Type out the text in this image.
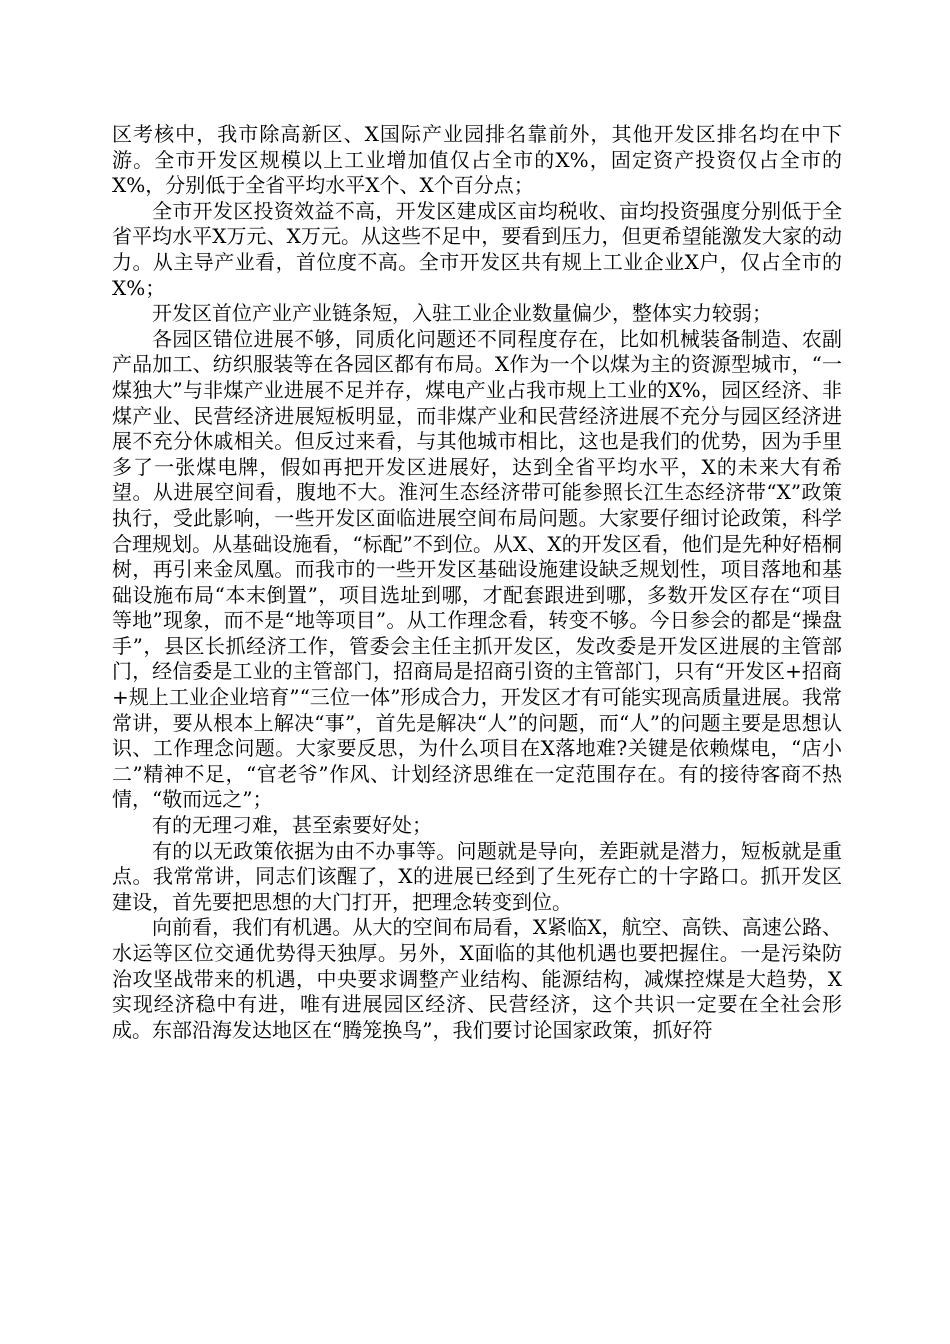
区考核中，我市除高新区、X国际产业园排名靠前外，其他开发区排名均在中下游。全市开发区规模以上工业增加值仅占全市的X%，固定资产投资仅占全市的X%，分别低于全省平均水平X个、X个百分点；

全市开发区投资效益不高，开发区建成区亩均税收、亩均投资强度分别低于全省平均水平X万元、X万元。从这些不足中，要看到压力，但更希望能激发大家的动力。从主导产业看，首位度不高。全市开发区共有规上工业企业X户，仅占全市的X%；

开发区首位产业产业链条短，入驻工业企业数量偏少，整体实力较弱；

各园区错位进展不够，同质化问题还不同程度存在，比如机械装备制造、农副产品加工、纺织服装等在各园区都有布局。X作为一个以煤为主的资源型城市，“一煤独大”与非煤产业进展不足并存，煤电产业占我市规上工业的X%，园区经济、非煤产业、民营经济进展短板明显，而非煤产业和民营经济进展不充分与园区经济进展不充分休戚相关。但反过来看，与其他城市相比，这也是我们的优势，因为手里多了一张煤电牌，假如再把开发区进展好，达到全省平均水平，X的未来大有希望。从进展空间看，腹地不大。淮河生态经济带可能参照长江生态经济带“X”政策执行，受此影响，一些开发区面临进展空间布局问题。大家要仔细讨论政策，科学合理规划。从基础设施看，“标配”不到位。从X、X的开发区看，他们是先种好梧桐树，再引来金凤凰。而我市的一些开发区基础设施建设缺乏规划性，项目落地和基础设施布局“本末倒置”，项目选址到哪，才配套跟进到哪，多数开发区存在“项目等地”现象，而不是“地等项目”。从工作理念看，转变不够。今日参会的都是“操盘手”，县区长抓经济工作，管委会主任主抓开发区，发改委是开发区进展的主管部门，经信委是工业的主管部门，招商局是招商引资的主管部门，只有“开发区+招商+规上工业企业培育”“三位一体”形成合力，开发区才有可能实现高质量进展。我常常讲，要从根本上解决“事”，首先是解决“人”的问题，而“人”的问题主要是思想认识、工作理念问题。大家要反思，为什么项目在X落地难?关键是依赖煤电，“店小二”精神不足，“官老爷”作风、计划经济思维在一定范围存在。有的接待客商不热情，“敬而远之”；

有的无理刁难，甚至索要好处；

有的以无政策依据为由不办事等。问题就是导向，差距就是潜力，短板就是重点。我常常讲，同志们该醒了，X的进展已经到了生死存亡的十字路口。抓开发区建设，首先要把思想的大门打开，把理念转变到位。

向前看，我们有机遇。从大的空间布局看，X紧临X，航空、高铁、高速公路、水运等区位交通优势得天独厚。另外，X面临的其他机遇也要把握住。一是污染防治攻坚战带来的机遇，中央要求调整产业结构、能源结构，减煤控煤是大趋势，X实现经济稳中有进，唯有进展园区经济、民营经济，这个共识一定要在全社会形成。东部沿海发达地区在“腾笼换鸟”，我们要讨论国家政策，抓好符
